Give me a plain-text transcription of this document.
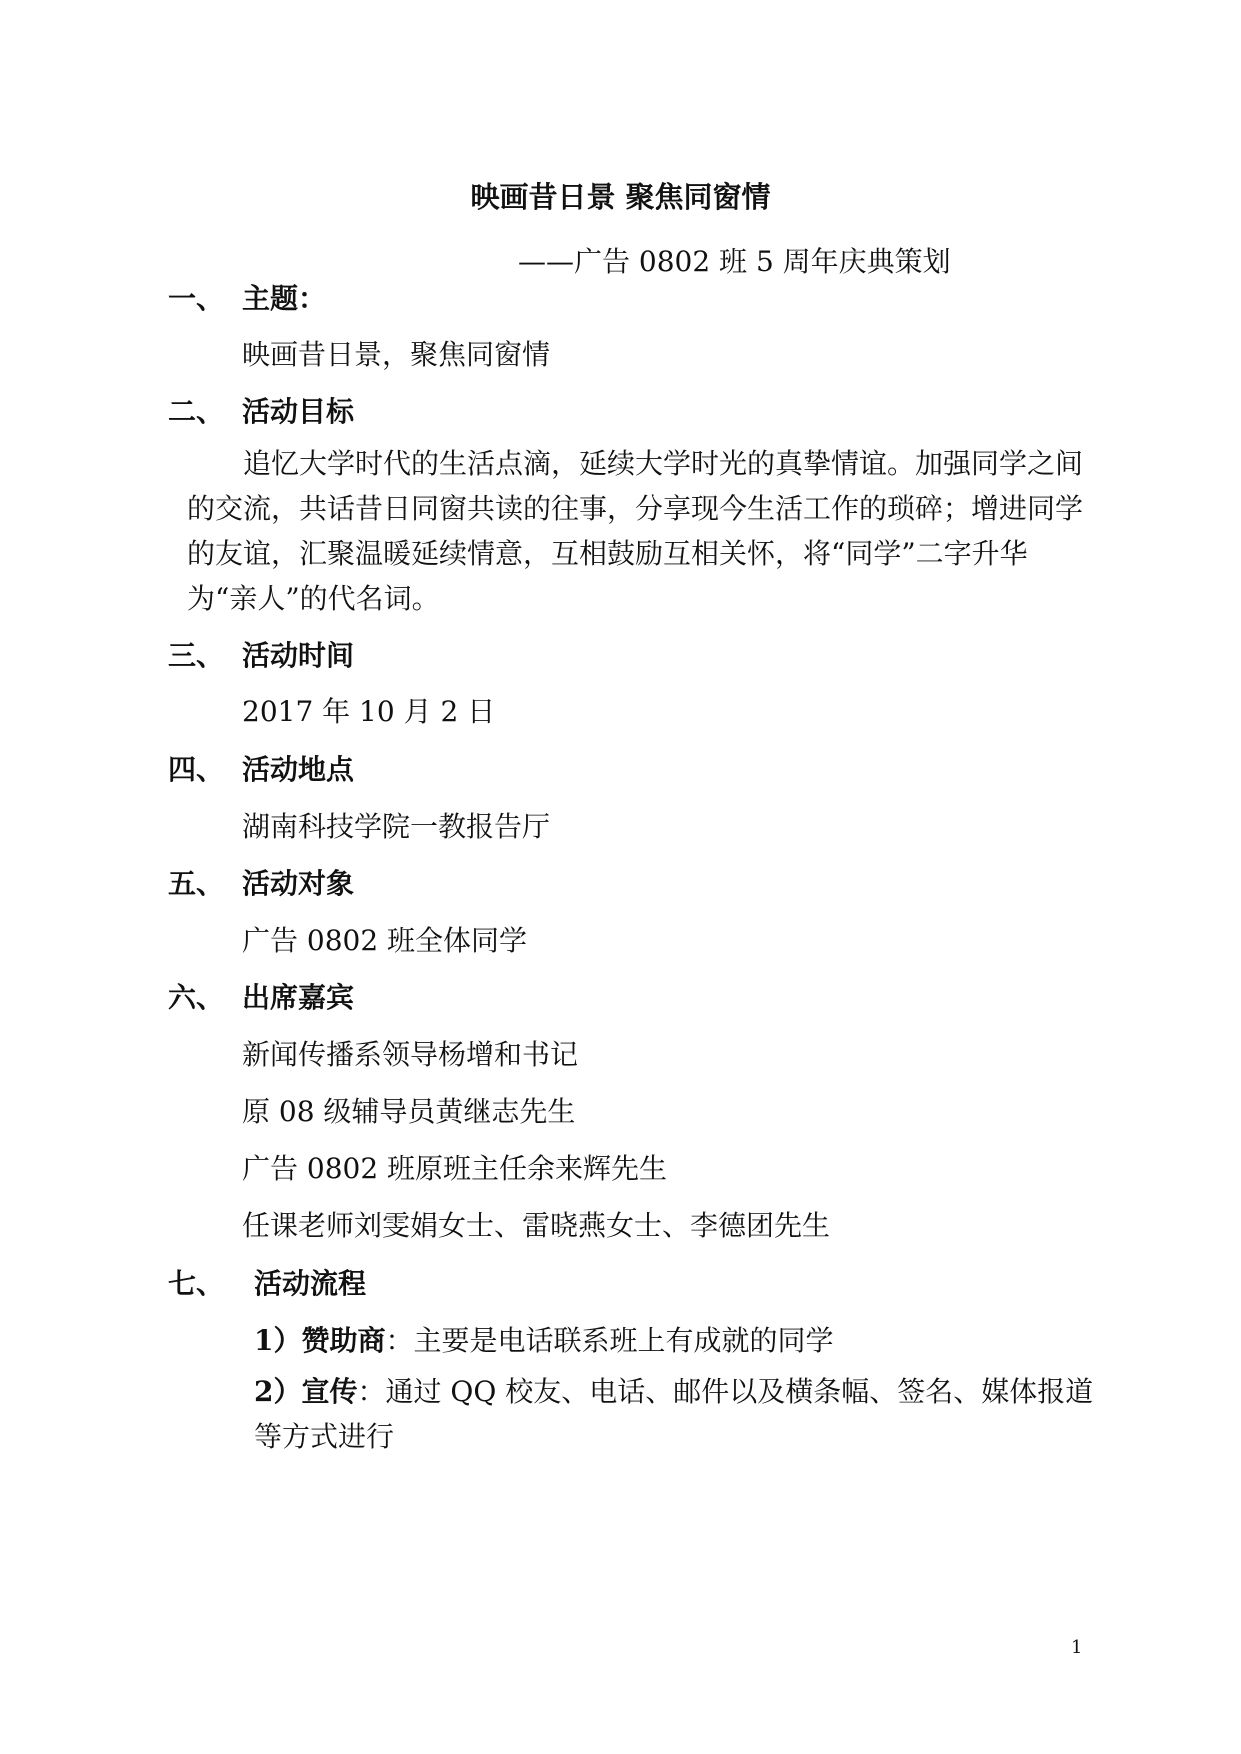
映画昔日景 聚焦同窗情
——广告 0802 班 5 周年庆典策划
一、 主题：
映画昔日景，聚焦同窗情
二、 活动目标
追忆大学时代的生活点滴，延续大学时光的真挚情谊。加强同学之间的交流，共话昔日同窗共读的往事，分享现今生活工作的琐碎；增进同学的友谊，汇聚温暖延续情意，互相鼓励互相关怀，将“同学”二字升华为“亲人”的代名词。
三、 活动时间
2017 年 10 月 2 日
四、 活动地点
湖南科技学院一教报告厅
五、 活动对象
广告 0802 班全体同学
六、 出席嘉宾
新闻传播系领导杨增和书记
原 08 级辅导员黄继志先生
广告 0802 班原班主任余来辉先生
任课老师刘雯娟女士、雷晓燕女士、李德团先生
七、 活动流程
1）赞助商：主要是电话联系班上有成就的同学
2）宣传：通过 QQ 校友、电话、邮件以及横条幅、签名、媒体报道等方式进行
1
